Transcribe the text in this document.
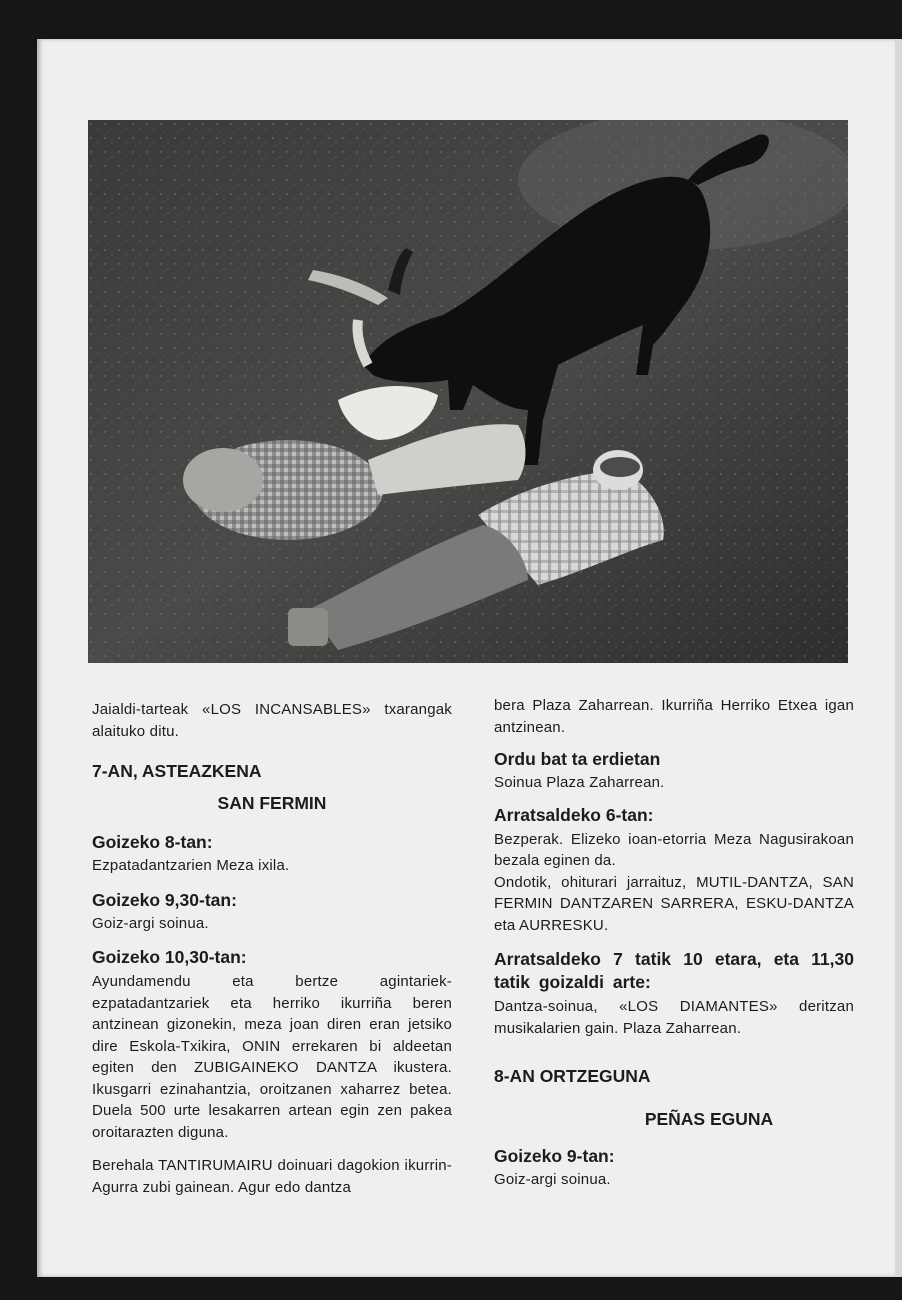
Jaialdi-tarteak «LOS INCANSABLES» txarangak alaituko ditu.

7-AN, ASTEAZKENA

SAN FERMIN

Goizeko 8-tan:

Ezpatadantzarien Meza ixila.

Goizeko 9,30-tan:

Goiz-argi soinua.

Goizeko 10,30-tan:

Ayundamendu eta bertze agintariek-ezpatadantzariek eta herriko ikurriña beren antzinean gizonekin, meza joan diren eran jetsiko dire Eskola-Txikira, ONIN errekaren bi aldeetan egiten den ZUBIGAINEKO DANTZA ikustera. Ikusgarri ezinahantzia, oroitzanen xaharrez betea. Duela 500 urte lesakarren artean egin zen pakea oroitarazten diguna.

Berehala TANTIRUMAIRU doinuari dagokion ikurrin-Agurra zubi gainean. Agur edo dantza

bera Plaza Zaharrean. Ikurriña Herriko Etxea igan antzinean.

Ordu bat ta erdietan

Soinua Plaza Zaharrean.

Arratsaldeko 6-tan:

Bezperak. Elizeko ioan-etorria Meza Nagusirakoan bezala eginen da.

Ondotik, ohiturari jarraituz, MUTIL-DANTZA, SAN FERMIN DANTZAREN SARRERA, ESKU-DANTZA eta AURRESKU.

Arratsaldeko 7 tatik 10 etara, eta 11,30 tatik goizaldi arte:

Dantza-soinua, «LOS DIAMANTES» deritzan musikalarien gain. Plaza Zaharrean.

8-AN ORTZEGUNA

PEÑAS EGUNA

Goizeko 9-tan:

Goiz-argi soinua.
